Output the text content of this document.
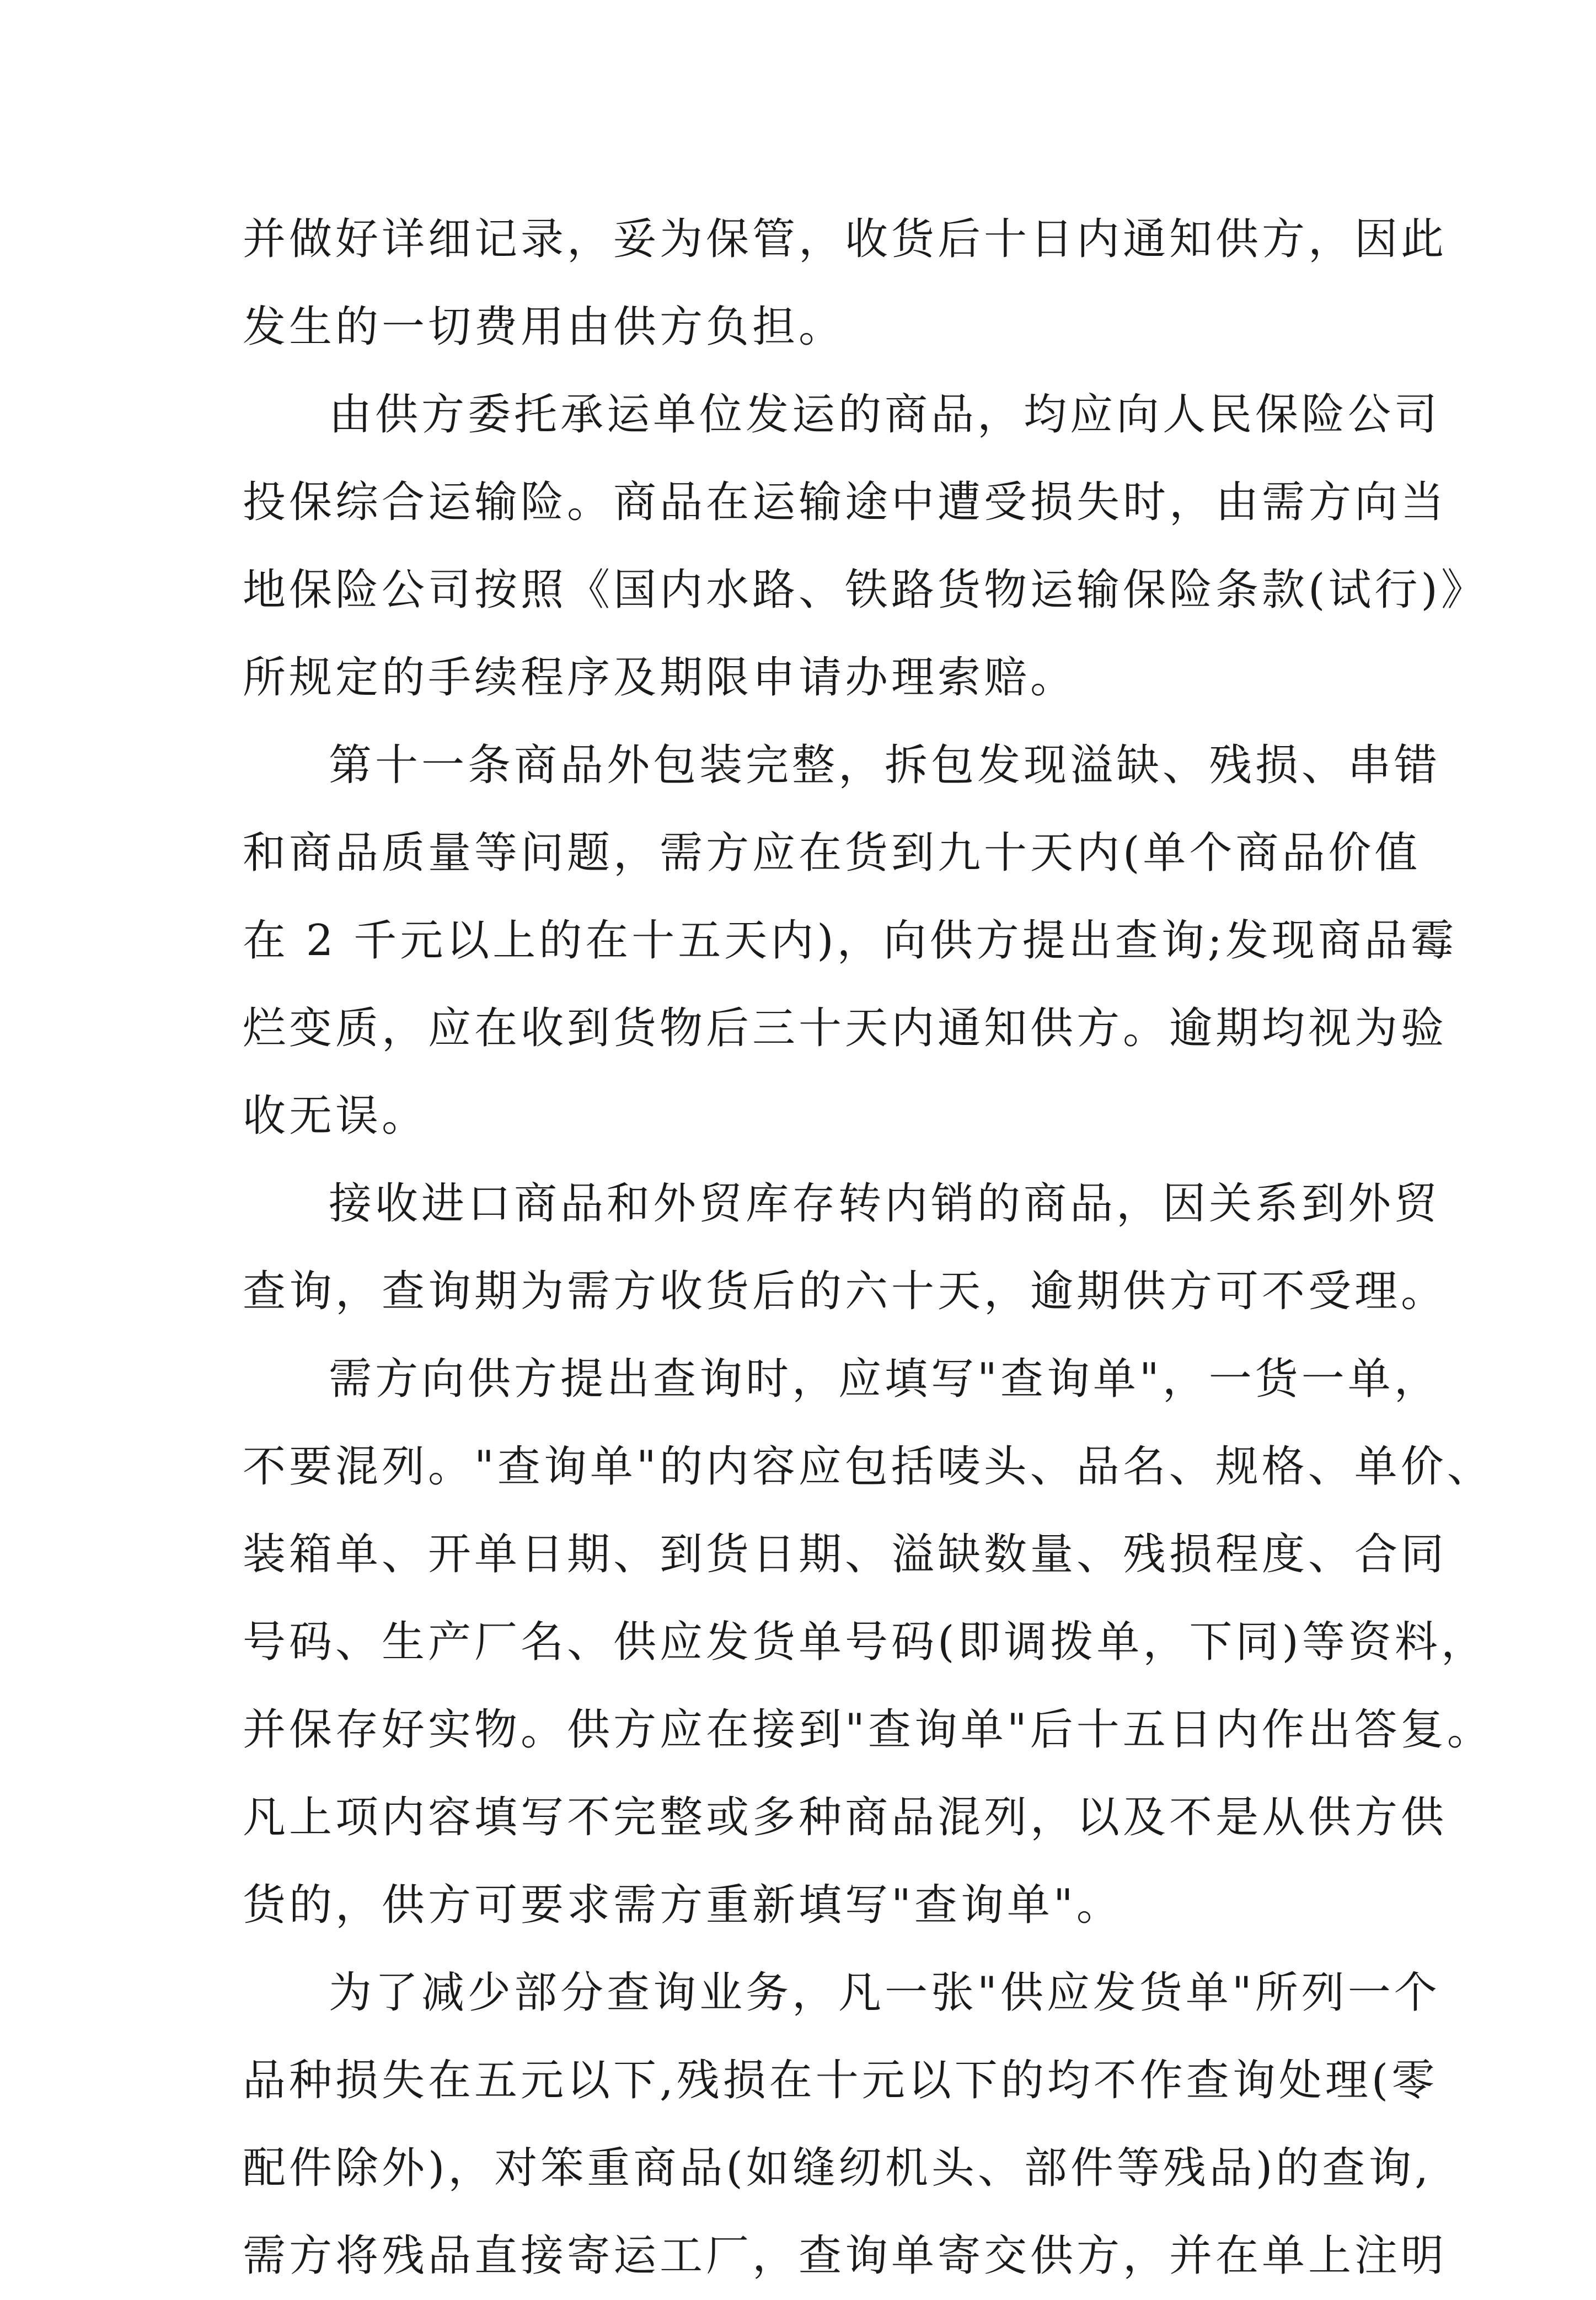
并做好详细记录，妥为保管，收货后十日内通知供方，因此
发生的一切费用由供方负担。
由供方委托承运单位发运的商品，均应向人民保险公司
投保综合运输险。商品在运输途中遭受损失时，由需方向当
地保险公司按照《国内水路、铁路货物运输保险条款(试行)》
所规定的手续程序及期限申请办理索赔。
第十一条商品外包装完整，拆包发现溢缺、残损、串错
和商品质量等问题，需方应在货到九十天内(单个商品价值
在 2 千元以上的在十五天内)，向供方提出查询;发现商品霉
烂变质，应在收到货物后三十天内通知供方。逾期均视为验
收无误。
接收进口商品和外贸库存转内销的商品，因关系到外贸
查询，查询期为需方收货后的六十天，逾期供方可不受理。
需方向供方提出查询时，应填写"查询单"，一货一单，
不要混列。"查询单"的内容应包括唛头、品名、规格、单价、
装箱单、开单日期、到货日期、溢缺数量、残损程度、合同
号码、生产厂名、供应发货单号码(即调拨单，下同)等资料，
并保存好实物。供方应在接到"查询单"后十五日内作出答复。
凡上项内容填写不完整或多种商品混列，以及不是从供方供
货的，供方可要求需方重新填写"查询单"。
为了减少部分查询业务，凡一张"供应发货单"所列一个
品种损失在五元以下,残损在十元以下的均不作查询处理(零
配件除外)，对笨重商品(如缝纫机头、部件等残品)的查询,
需方将残品直接寄运工厂，查询单寄交供方，并在单上注明
